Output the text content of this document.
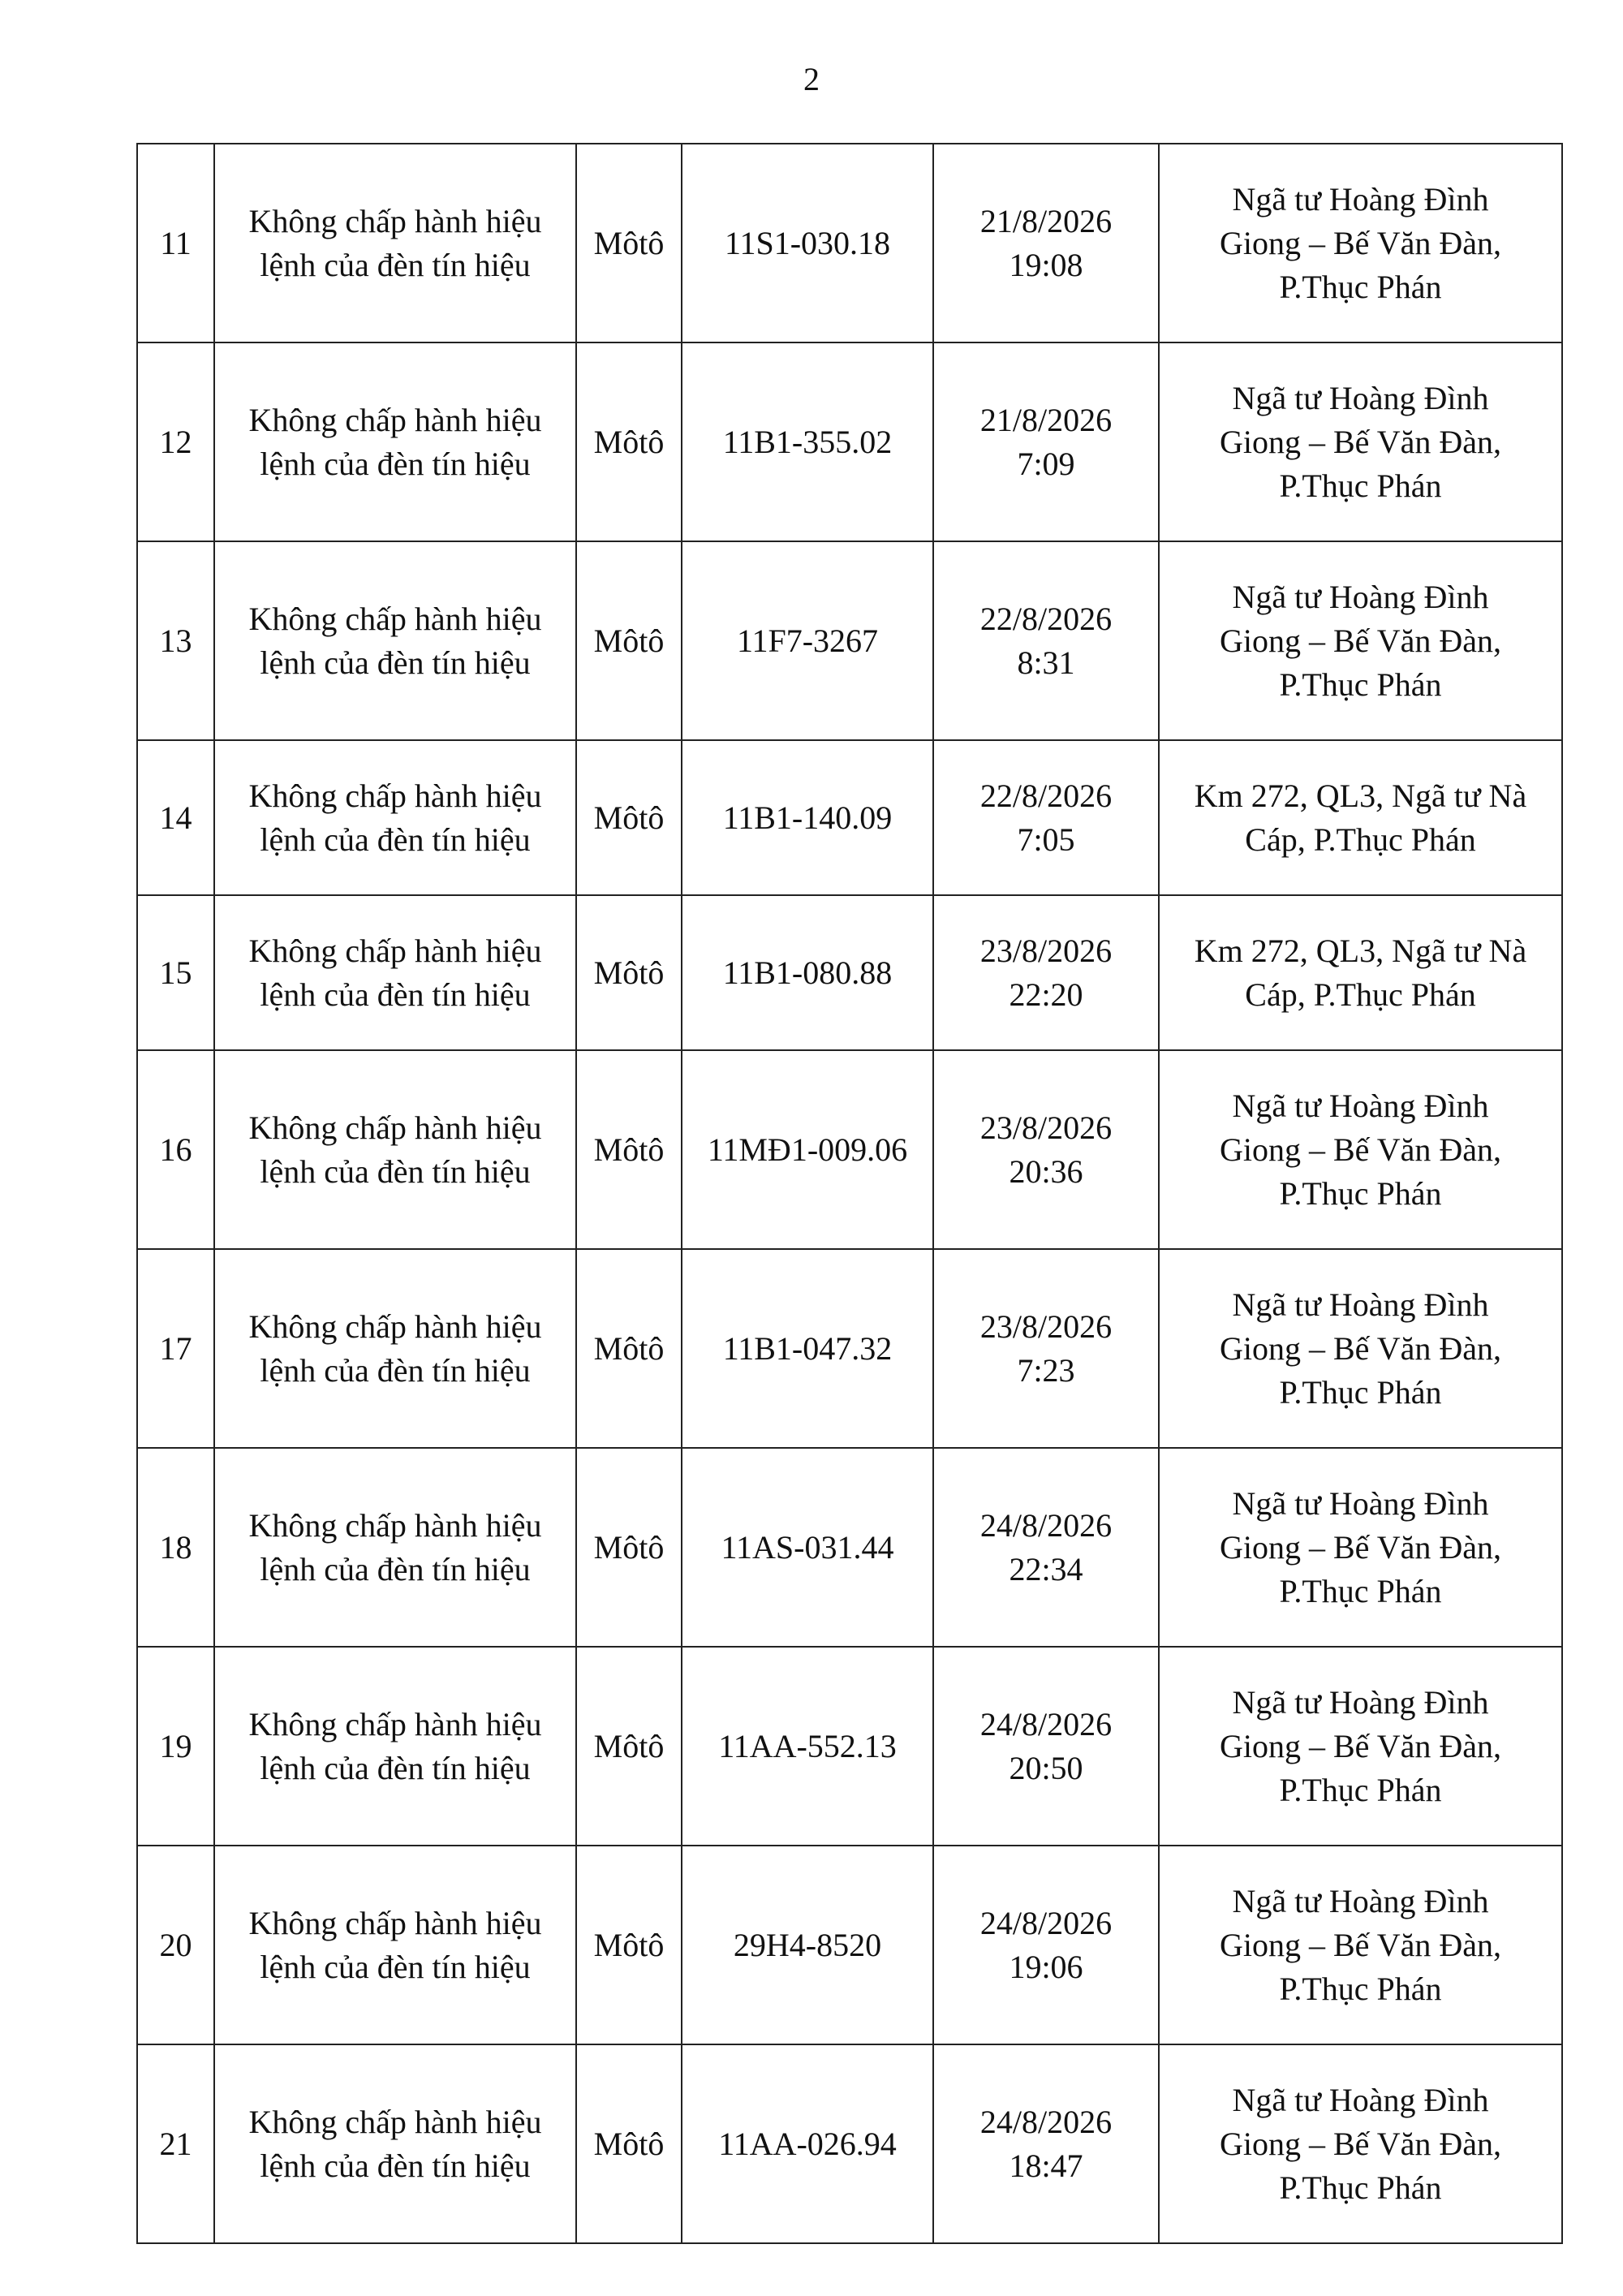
2
11	Không chấp hành hiệu
lệnh của đèn tín hiệu	Môtô	11S1-030.18	21/8/2026
19:08	Ngã tư Hoàng Đình
Giong – Bế Văn Đàn,
P.Thục Phán

12	Không chấp hành hiệu
lệnh của đèn tín hiệu	Môtô	11B1-355.02	21/8/2026
7:09	Ngã tư Hoàng Đình
Giong – Bế Văn Đàn,
P.Thục Phán

13	Không chấp hành hiệu
lệnh của đèn tín hiệu	Môtô	11F7-3267	22/8/2026
8:31	Ngã tư Hoàng Đình
Giong – Bế Văn Đàn,
P.Thục Phán

14	Không chấp hành hiệu
lệnh của đèn tín hiệu	Môtô	11B1-140.09	22/8/2026
7:05	Km 272, QL3, Ngã tư Nà
Cáp, P.Thục Phán

15	Không chấp hành hiệu
lệnh của đèn tín hiệu	Môtô	11B1-080.88	23/8/2026
22:20	Km 272, QL3, Ngã tư Nà
Cáp, P.Thục Phán

16	Không chấp hành hiệu
lệnh của đèn tín hiệu	Môtô	11MĐ1-009.06	23/8/2026
20:36	Ngã tư Hoàng Đình
Giong – Bế Văn Đàn,
P.Thục Phán

17	Không chấp hành hiệu
lệnh của đèn tín hiệu	Môtô	11B1-047.32	23/8/2026
7:23	Ngã tư Hoàng Đình
Giong – Bế Văn Đàn,
P.Thục Phán

18	Không chấp hành hiệu
lệnh của đèn tín hiệu	Môtô	11AS-031.44	24/8/2026
22:34	Ngã tư Hoàng Đình
Giong – Bế Văn Đàn,
P.Thục Phán

19	Không chấp hành hiệu
lệnh của đèn tín hiệu	Môtô	11AA-552.13	24/8/2026
20:50	Ngã tư Hoàng Đình
Giong – Bế Văn Đàn,
P.Thục Phán

20	Không chấp hành hiệu
lệnh của đèn tín hiệu	Môtô	29H4-8520	24/8/2026
19:06	Ngã tư Hoàng Đình
Giong – Bế Văn Đàn,
P.Thục Phán

21	Không chấp hành hiệu
lệnh của đèn tín hiệu	Môtô	11AA-026.94	24/8/2026
18:47	Ngã tư Hoàng Đình
Giong – Bế Văn Đàn,
P.Thục Phán
